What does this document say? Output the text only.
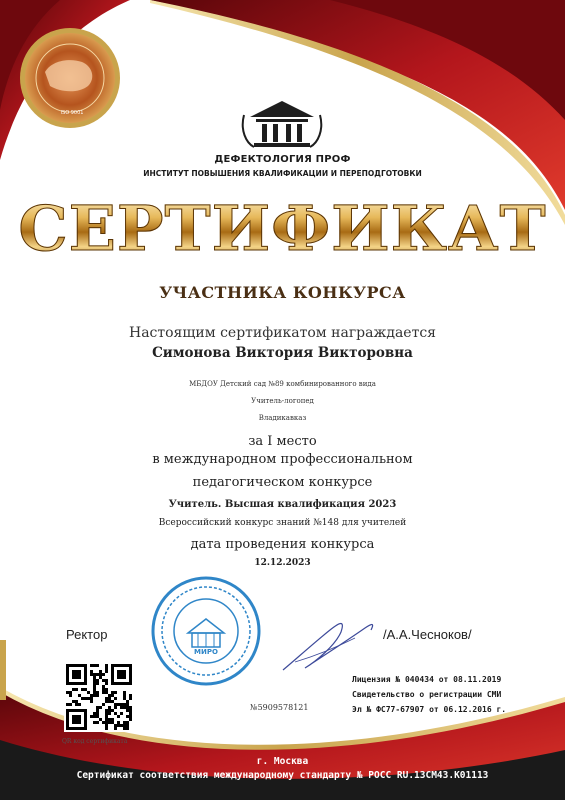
ISO 9001
ДЕФЕКТОЛОГИЯ ПРОФ
ИНСТИТУТ ПОВЫШЕНИЯ КВАЛИФИКАЦИИ И ПЕРЕПОДГОТОВКИ
СЕРТИФИКАТ
УЧАСТНИКА КОНКУРСА
Настоящим сертификатом награждается
Симонова Виктория Викторовна
МБДОУ Детский сад №89 комбинированного вида
Учитель-логопед
Владикавказ
за I место
в международном профессиональном
педагогическом конкурсе
Учитель. Высшая квалификация 2023
Всероссийский конкурс знаний №148 для учителей
дата проведения конкурса
12.12.2023
МИРО
Ректор	/А.А.Чесноков/
Лицензия № 040434 от 08.11.2019
Свидетельство о регистрации СМИ
Эл № ФС77-67907 от 06.12.2016 г.
№5909578121
QR код сертификата
г. Москва
Сертификат соответствия международному стандарту № РОСС RU.13СМ43.К01113
